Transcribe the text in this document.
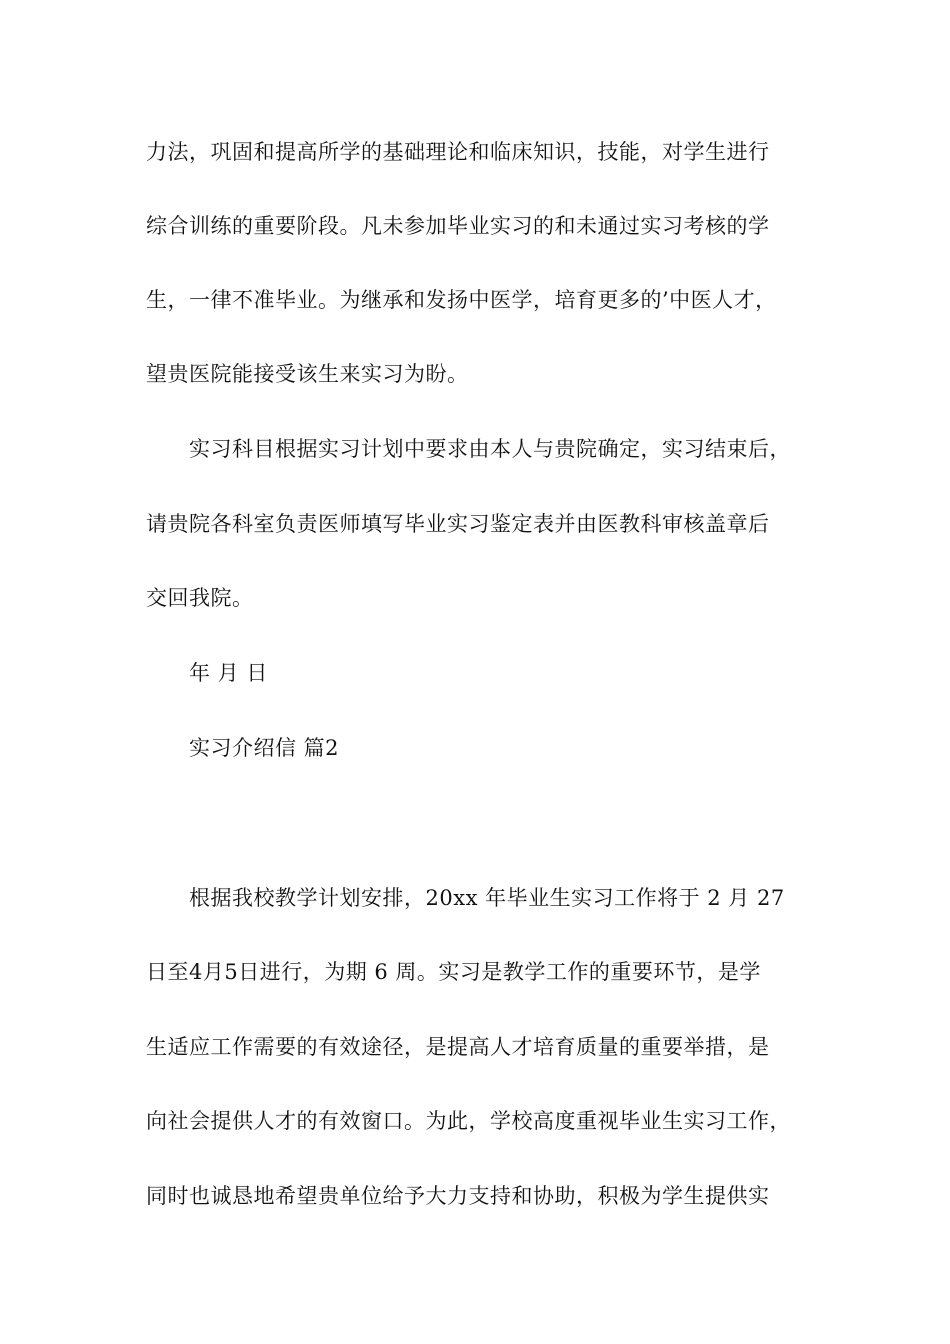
力法，巩固和提高所学的基础理论和临床知识，技能，对学生进行
综合训练的重要阶段。凡未参加毕业实习的和未通过实习考核的学
生，一律不准毕业。为继承和发扬中医学，培育更多的’中医人才，
望贵医院能接受该生来实习为盼。
实习科目根据实习计划中要求由本人与贵院确定，实习结束后，
请贵院各科室负责医师填写毕业实习鉴定表并由医教科审核盖章后
交回我院。
年 月 日
实习介绍信 篇2
根据我校教学计划安排，20xx 年毕业生实习工作将于 2 月 27
日至4月5日进行，为期 6 周。实习是教学工作的重要环节，是学
生适应工作需要的有效途径，是提高人才培育质量的重要举措，是
向社会提供人才的有效窗口。为此，学校高度重视毕业生实习工作，
同时也诚恳地希望贵单位给予大力支持和协助，积极为学生提供实
